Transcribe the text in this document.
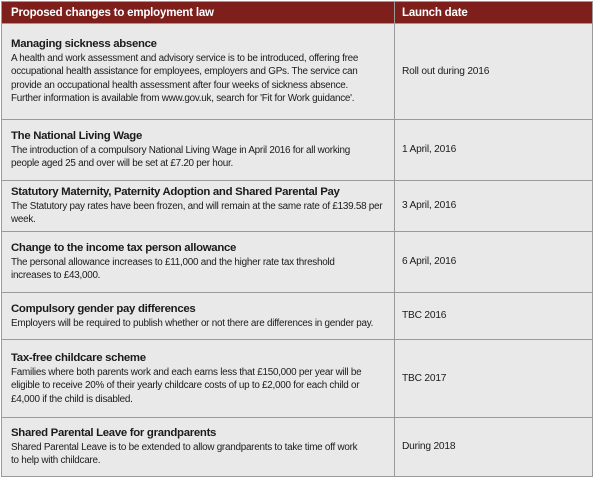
Proposed changes to employment law	Launch date

Managing sickness absence
A health and work assessment and advisory service is to be introduced, offering free
occupational health assistance for employees, employers and GPs. The service can
provide an occupational health assessment after four weeks of sickness absence.
Further information is available from www.gov.uk, search for 'Fit for Work guidance'.	Roll out during 2016

The National Living Wage
The introduction of a compulsory National Living Wage in April 2016 for all working
people aged 25 and over will be set at £7.20 per hour.	1 April, 2016

Statutory Maternity, Paternity Adoption and Shared Parental Pay
The Statutory pay rates have been frozen, and will remain at the same rate of £139.58 per week.	3 April, 2016

Change to the income tax person allowance
The personal allowance increases to £11,000 and the higher rate tax threshold
increases to £43,000.	6 April, 2016

Compulsory gender pay differences
Employers will be required to publish whether or not there are differences in gender pay.	TBC 2016

Tax-free childcare scheme
Families where both parents work and each earns less that £150,000 per year will be
eligible to receive 20% of their yearly childcare costs of up to £2,000 for each child or
£4,000 if the child is disabled.	TBC 2017

Shared Parental Leave for grandparents
Shared Parental Leave is to be extended to allow grandparents to take time off work
to help with childcare.	During 2018
